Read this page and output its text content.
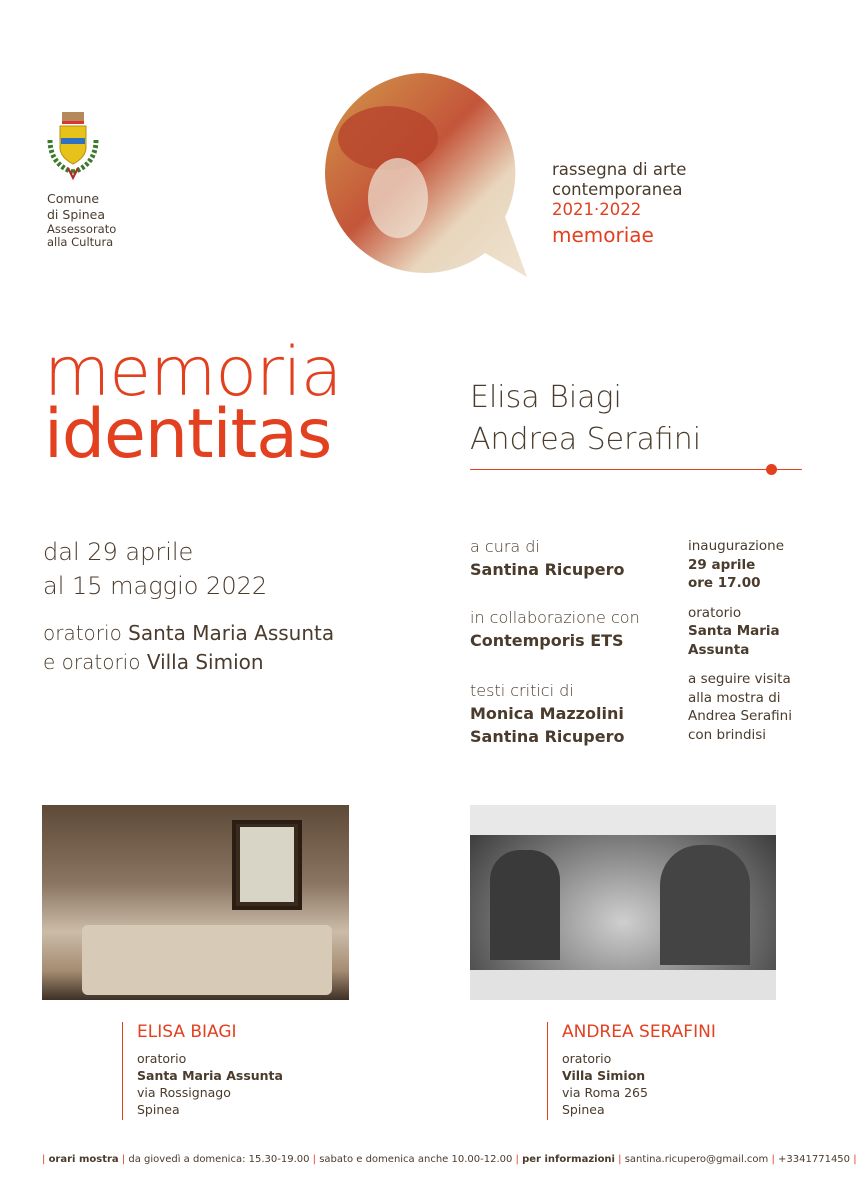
Comune
di Spinea
Assessorato
alla Cultura
rassegna di arte
contemporanea
2021·2022
memoriae
memoria
identitas	Elisa Biagi
Andrea Serafini
dal 29 aprile
al 15 maggio 2022
oratorio Santa Maria Assunta
e oratorio Villa Simion
a cura di
Santina Ricupero
in collaborazione con
Contemporis ETS
testi critici di
Monica Mazzolini
Santina Ricupero
inaugurazione
29 aprile
ore 17.00
oratorio
Santa Maria
Assunta
a seguire visita
alla mostra di
Andrea Serafini
con brindisi
ELISA BIAGI
oratorio
Santa Maria Assunta
via Rossignago
Spinea
ANDREA SERAFINI
oratorio
Villa Simion
via Roma 265
Spinea
| orari mostra | da giovedì a domenica: 15.30-19.00 | sabato e domenica anche 10.00-12.00 | per informazioni | santina.ricupero@gmail.com | +3341771450 |
